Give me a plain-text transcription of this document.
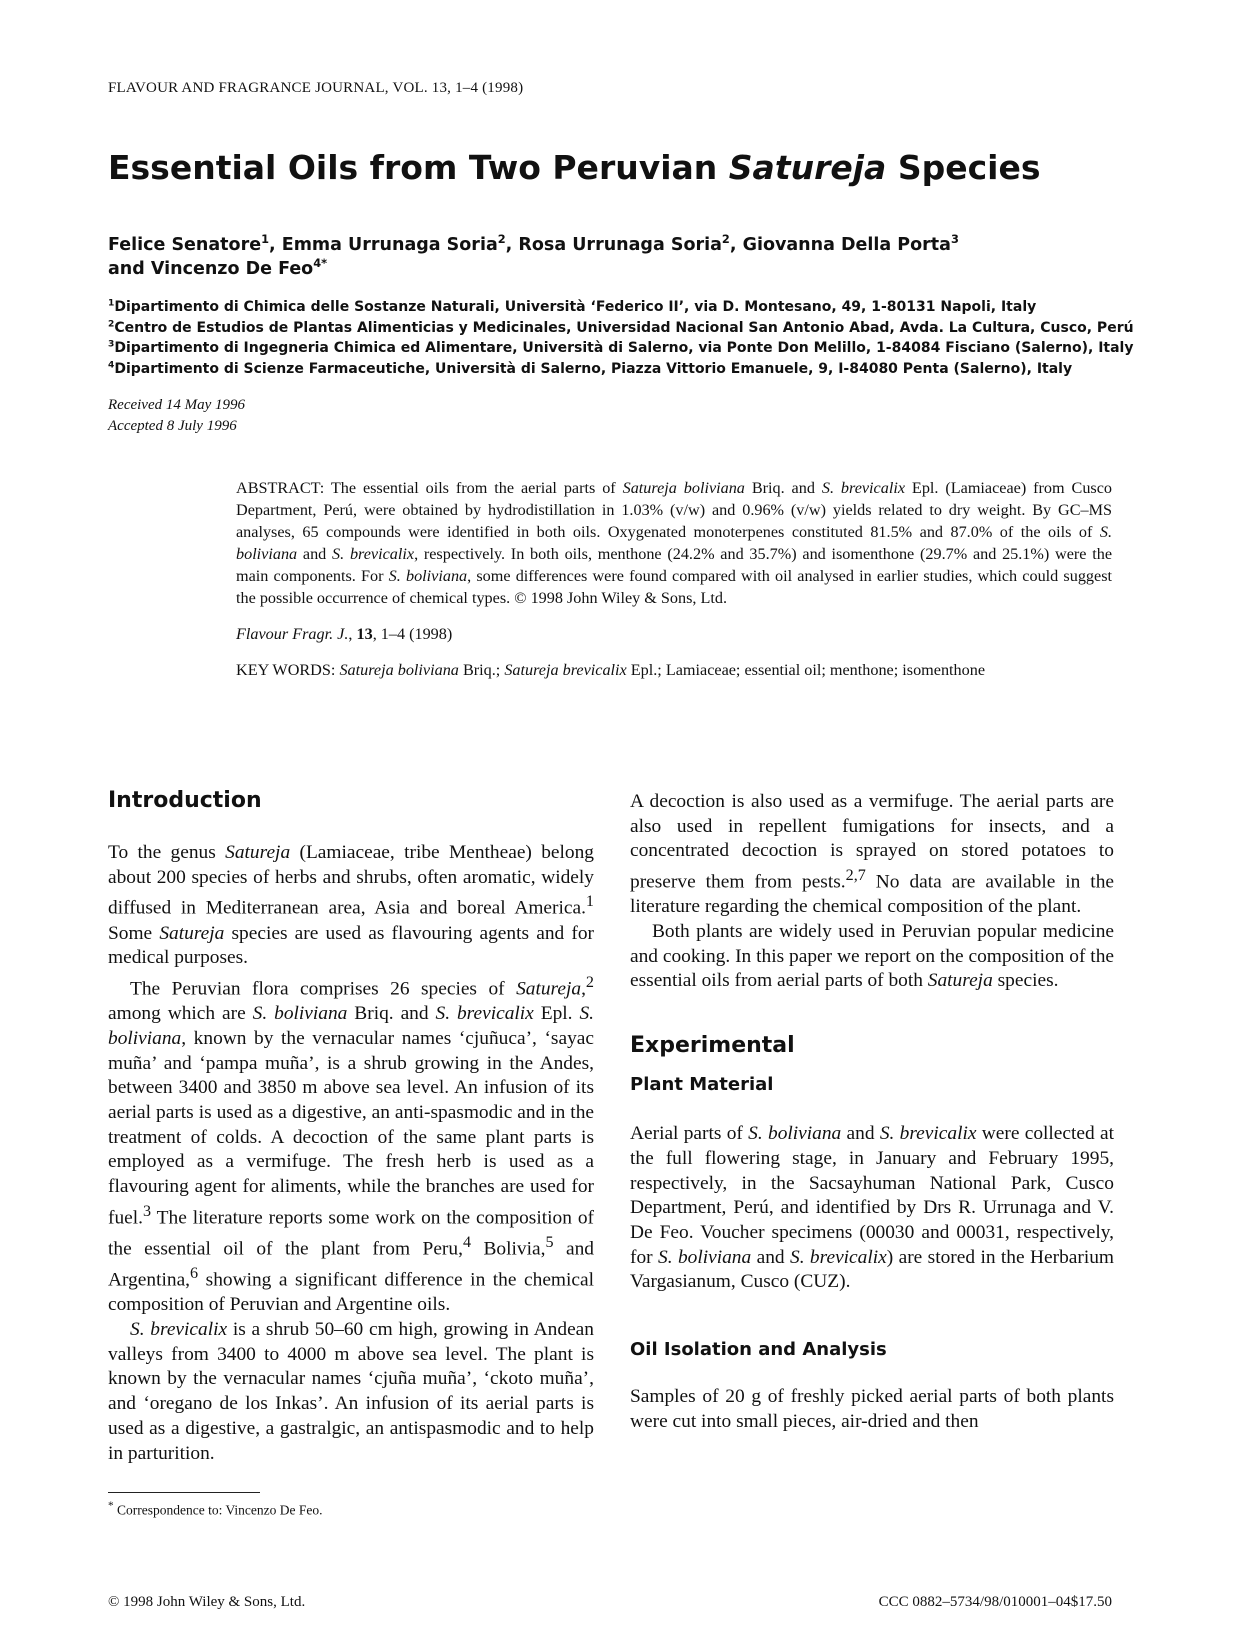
FLAVOUR AND FRAGRANCE JOURNAL, VOL. 13, 1–4 (1998)
Essential Oils from Two Peruvian Satureja Species
Felice Senatore$^1$, Emma Urrunaga Soria$^2$, Rosa Urrunaga Soria$^2$, Giovanna Della Porta$^3$
and Vincenzo De Feo$^{4*}$
$^1$Dipartimento di Chimica delle Sostanze Naturali, Università ‘Federico II’, via D. Montesano, 49, 1-80131 Napoli, Italy
$^2$Centro de Estudios de Plantas Alimenticias y Medicinales, Universidad Nacional San Antonio Abad, Avda. La Cultura, Cusco, Perú
$^3$Dipartimento di Ingegneria Chimica ed Alimentare, Università di Salerno, via Ponte Don Melillo, 1-84084 Fisciano (Salerno), Italy
$^4$Dipartimento di Scienze Farmaceutiche, Università di Salerno, Piazza Vittorio Emanuele, 9, I-84080 Penta (Salerno), Italy
Received 14 May 1996
Accepted 8 July 1996

ABSTRACT: The essential oils from the aerial parts of Satureja boliviana Briq. and S. brevicalix Epl. (Lamiaceae) from Cusco Department, Perú, were obtained by hydrodistillation in 1.03% (v/w) and 0.96% (v/w) yields related to dry weight. By GC–MS analyses, 65 compounds were identified in both oils. Oxygenated monoterpenes constituted 81.5% and 87.0% of the oils of S. boliviana and S. brevicalix, respectively. In both oils, menthone (24.2% and 35.7%) and isomenthone (29.7% and 25.1%) were the main components. For S. boliviana, some differences were found compared with oil analysed in earlier studies, which could suggest the possible occurrence of chemical types. © 1998 John Wiley & Sons, Ltd.

Flavour Fragr. J., 13, 1–4 (1998)

KEY WORDS: Satureja boliviana Briq.; Satureja brevicalix Epl.; Lamiaceae; essential oil; menthone; isomenthone

Introduction

To the genus Satureja (Lamiaceae, tribe Mentheae) belong about 200 species of herbs and shrubs, often aromatic, widely diffused in Mediterranean area, Asia and boreal America.$^1$ Some Satureja species are used as flavouring agents and for medical purposes.

The Peruvian flora comprises 26 species of Satureja,$^2$ among which are S. boliviana Briq. and S. brevicalix Epl. S. boliviana, known by the vernacular names ‘cjuñuca’, ‘sayac muña’ and ‘pampa muña’, is a shrub growing in the Andes, between 3400 and 3850 m above sea level. An infusion of its aerial parts is used as a digestive, an anti-spasmodic and in the treatment of colds. A decoction of the same plant parts is employed as a vermifuge. The fresh herb is used as a flavouring agent for aliments, while the branches are used for fuel.$^3$ The literature reports some work on the composition of the essential oil of the plant from Peru,$^4$ Bolivia,$^5$ and Argentina,$^6$ showing a significant difference in the chemical composition of Peruvian and Argentine oils.

S. brevicalix is a shrub 50–60 cm high, growing in Andean valleys from 3400 to 4000 m above sea level. The plant is known by the vernacular names ‘cjuña muña’, ‘ckoto muña’, and ‘oregano de los Inkas’. An infusion of its aerial parts is used as a digestive, a gastralgic, an antispasmodic and to help in parturition.

A decoction is also used as a vermifuge. The aerial parts are also used in repellent fumigations for insects, and a concentrated decoction is sprayed on stored potatoes to preserve them from pests.$^{2,7}$ No data are available in the literature regarding the chemical composition of the plant.

Both plants are widely used in Peruvian popular medicine and cooking. In this paper we report on the composition of the essential oils from aerial parts of both Satureja species.

Experimental
Plant Material

Aerial parts of S. boliviana and S. brevicalix were collected at the full flowering stage, in January and February 1995, respectively, in the Sacsayhuman National Park, Cusco Department, Perú, and identified by Drs R. Urrunaga and V. De Feo. Voucher specimens (00030 and 00031, respectively, for S. boliviana and S. brevicalix) are stored in the Herbarium Vargasianum, Cusco (CUZ).

Oil Isolation and Analysis

Samples of 20 g of freshly picked aerial parts of both plants were cut into small pieces, air-dried and then

* Correspondence to: Vincenzo De Feo.
© 1998 John Wiley & Sons, Ltd.	CCC 0882–5734/98/010001–04$17.50
